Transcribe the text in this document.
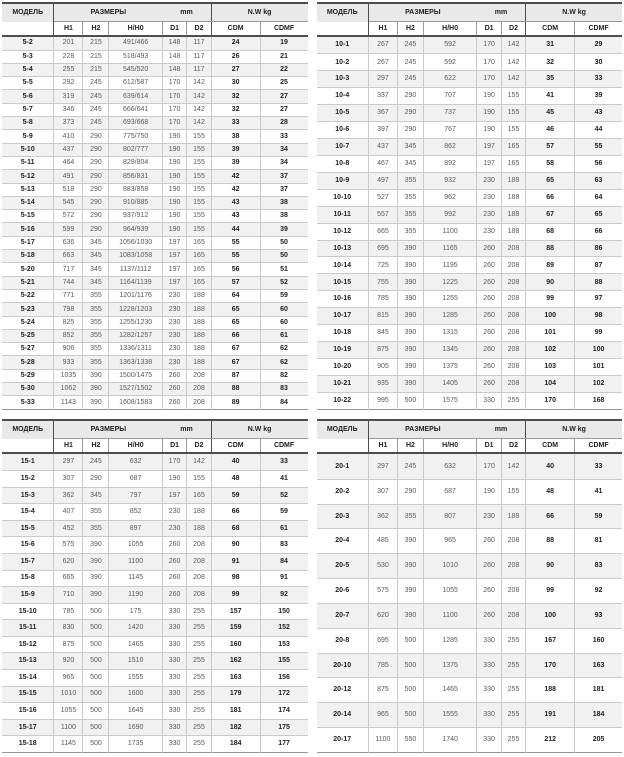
МОДЕЛЬ	РАЗМЕРЫ			mm		N.W kg	
	H1	H2	H/H0	D1	D2	CDM	CDMF
5-2	201	215	491/466	148	117	24	19
5-3	228	215	518/493	148	117	26	21
5-4	255	215	545/520	148	117	27	22
5-5	292	245	612/587	170	142	30	25
5-6	319	245	639/614	170	142	32	27
5-7	346	245	666/641	170	142	32	27
5-8	373	245	693/668	170	142	33	28
5-9	410	290	775/750	190	155	38	33
5-10	437	290	802/777	190	155	39	34
5-11	464	290	829/804	190	155	39	34
5-12	491	290	856/831	190	155	42	37
5-13	518	290	883/858	190	155	42	37
5-14	545	290	910/885	190	155	43	38
5-15	572	290	937/912	190	155	43	38
5-16	599	290	964/939	190	155	44	39
5-17	636	345	1056/1030	197	165	55	50
5-18	663	345	1083/1058	197	165	55	50
5-20	717	345	1137/1112	197	165	56	51
5-21	744	345	1164/1139	197	165	57	52
5-22	771	355	1201/1176	230	188	64	59
5-23	798	355	1228/1203	230	188	65	60
5-24	825	355	1255/1230	230	188	65	60
5-25	852	355	1282/1257	230	188	66	61
5-27	906	355	1336/1311	230	188	67	62
5-28	933	355	1363/1338	230	188	67	62
5-29	1035	390	1500/1475	260	208	87	82
5-30	1062	390	1527/1502	260	208	88	83
5-33	1143	390	1608/1583	260	208	89	84
МОДЕЛЬ	РАЗМЕРЫ			mm		N.W kg	
	H1	H2	H/H0	D1	D2	CDM	CDMF
10-1	267	245	592	170	142	31	29
10-2	267	245	592	170	142	32	30
10-3	297	245	622	170	142	35	33
10-4	337	290	707	190	155	41	39
10-5	367	290	737	190	155	45	43
10-6	397	290	767	190	155	46	44
10-7	437	345	862	197	165	57	55
10-8	467	345	892	197	165	58	56
10-9	497	355	932	230	188	65	63
10-10	527	355	962	230	188	66	64
10-11	557	355	992	230	188	67	65
10-12	665	355	1100	230	188	68	66
10-13	695	390	1165	260	208	88	86
10-14	725	390	1195	260	208	89	87
10-15	755	390	1225	260	208	90	88
10-16	785	390	1255	260	208	99	97
10-17	815	390	1285	260	208	100	98
10-18	845	390	1315	260	208	101	99
10-19	875	390	1345	260	208	102	100
10-20	905	390	1375	260	208	103	101
10-21	935	390	1405	260	208	104	102
10-22	995	500	1575	330	255	170	168
МОДЕЛЬ	РАЗМЕРЫ			mm		N.W kg	
	H1	H2	H/H0	D1	D2	CDM	CDMF
15-1	297	245	632	170	142	40	33
15-2	307	290	687	190	155	48	41
15-3	362	345	797	197	165	59	52
15-4	407	355	852	230	188	66	59
15-5	452	355	897	230	188	68	61
15-6	575	390	1055	260	208	90	83
15-7	620	390	1100	260	208	91	84
15-8	665	390	1145	260	208	98	91
15-9	710	390	1190	260	208	99	92
15-10	785	500	175	330	255	157	150
15-11	830	500	1420	330	255	159	152
15-12	875	500	1465	330	255	160	153
15-13	920	500	1510	330	255	162	155
15-14	965	500	1555	330	255	163	156
15-15	1010	500	1600	330	255	179	172
15-16	1055	500	1645	330	255	181	174
15-17	1100	500	1690	330	255	182	175
15-18	1145	500	1735	330	255	184	177
МОДЕЛЬ	РАЗМЕРЫ			mm		N.W kg	
	H1	H2	H/H0	D1	D2	CDM	CDMF
20-1	297	245	632	170	142	40	33
20-2	307	290	687	190	155	48	41
20-3	362	355	807	230	188	66	59
20-4	485	390	965	260	208	88	81
20-5	530	390	1010	260	208	90	83
20-6	575	390	1055	260	208	99	92
20-7	620	390	1100	260	208	100	93
20-8	695	500	1285	330	255	167	160
20-10	785	500	1375	330	255	170	163
20-12	875	500	1465	330	255	188	181
20-14	965	500	1555	330	255	191	184
20-17	1100	550	1740	330	255	212	205
